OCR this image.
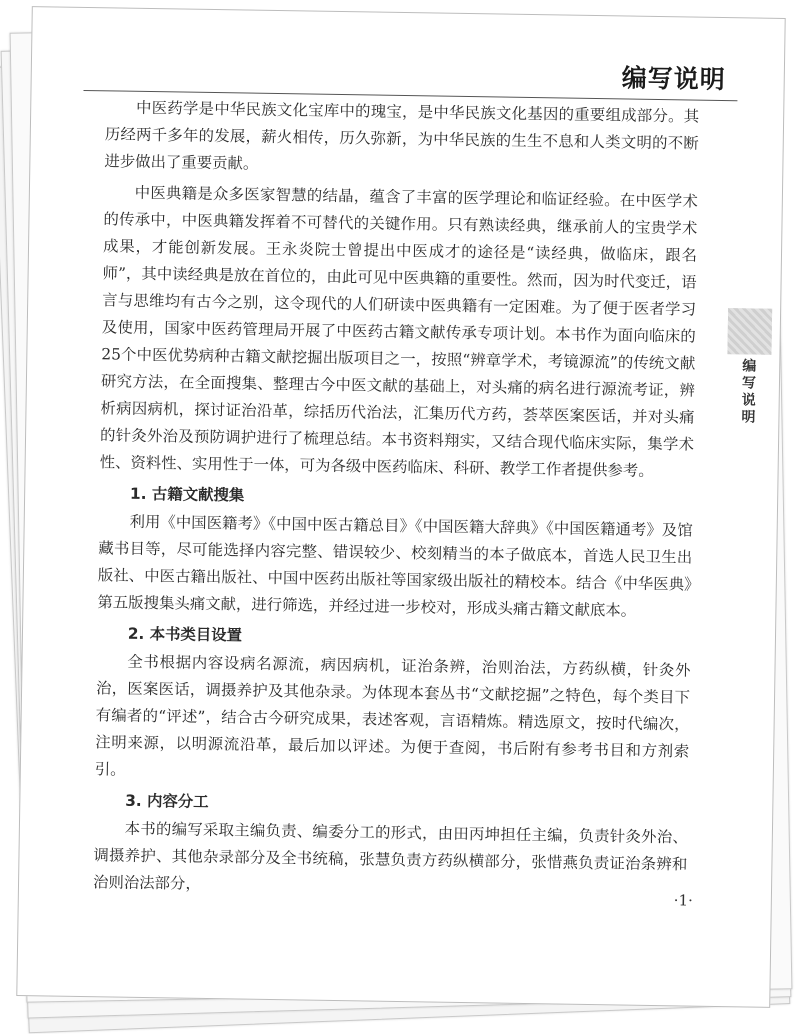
编写说明
编写说明

中医药学是中华民族文化宝库中的瑰宝，是中华民族文化基因的重要组成部分。其历经两千多年的发展，薪火相传，历久弥新，为中华民族的生生不息和人类文明的不断进步做出了重要贡献。

中医典籍是众多医家智慧的结晶，蕴含了丰富的医学理论和临证经验。在中医学术的传承中，中医典籍发挥着不可替代的关键作用。只有熟读经典，继承前人的宝贵学术成果，才能创新发展。王永炎院士曾提出中医成才的途径是“读经典，做临床，跟名师”，其中读经典是放在首位的，由此可见中医典籍的重要性。然而，因为时代变迁，语言与思维均有古今之别，这令现代的人们研读中医典籍有一定困难。为了便于医者学习及使用，国家中医药管理局开展了中医药古籍文献传承专项计划。本书作为面向临床的25个中医优势病种古籍文献挖掘出版项目之一，按照“辨章学术，考镜源流”的传统文献研究方法，在全面搜集、整理古今中医文献的基础上，对头痛的病名进行源流考证，辨析病因病机，探讨证治沿革，综括历代治法，汇集历代方药，荟萃医案医话，并对头痛的针灸外治及预防调护进行了梳理总结。本书资料翔实，又结合现代临床实际，集学术性、资料性、实用性于一体，可为各级中医药临床、科研、教学工作者提供参考。

1. 古籍文献搜集

利用《中国医籍考》《中国中医古籍总目》《中国医籍大辞典》《中国医籍通考》及馆藏书目等，尽可能选择内容完整、错误较少、校刻精当的本子做底本，首选人民卫生出版社、中医古籍出版社、中国中医药出版社等国家级出版社的精校本。结合《中华医典》第五版搜集头痛文献，进行筛选，并经过进一步校对，形成头痛古籍文献底本。

2. 本书类目设置

全书根据内容设病名源流，病因病机，证治条辨，治则治法，方药纵横，针灸外治，医案医话，调摄养护及其他杂录。为体现本套丛书“文献挖掘”之特色，每个类目下有编者的“评述”，结合古今研究成果，表述客观，言语精炼。精选原文，按时代编次，注明来源，以明源流沿革，最后加以评述。为便于查阅，书后附有参考书目和方剂索引。

3. 内容分工

本书的编写采取主编负责、编委分工的形式，由田丙坤担任主编，负责针灸外治、调摄养护、其他杂录部分及全书统稿，张慧负责方药纵横部分，张惜燕负责证治条辨和治则治法部分，

·1·
